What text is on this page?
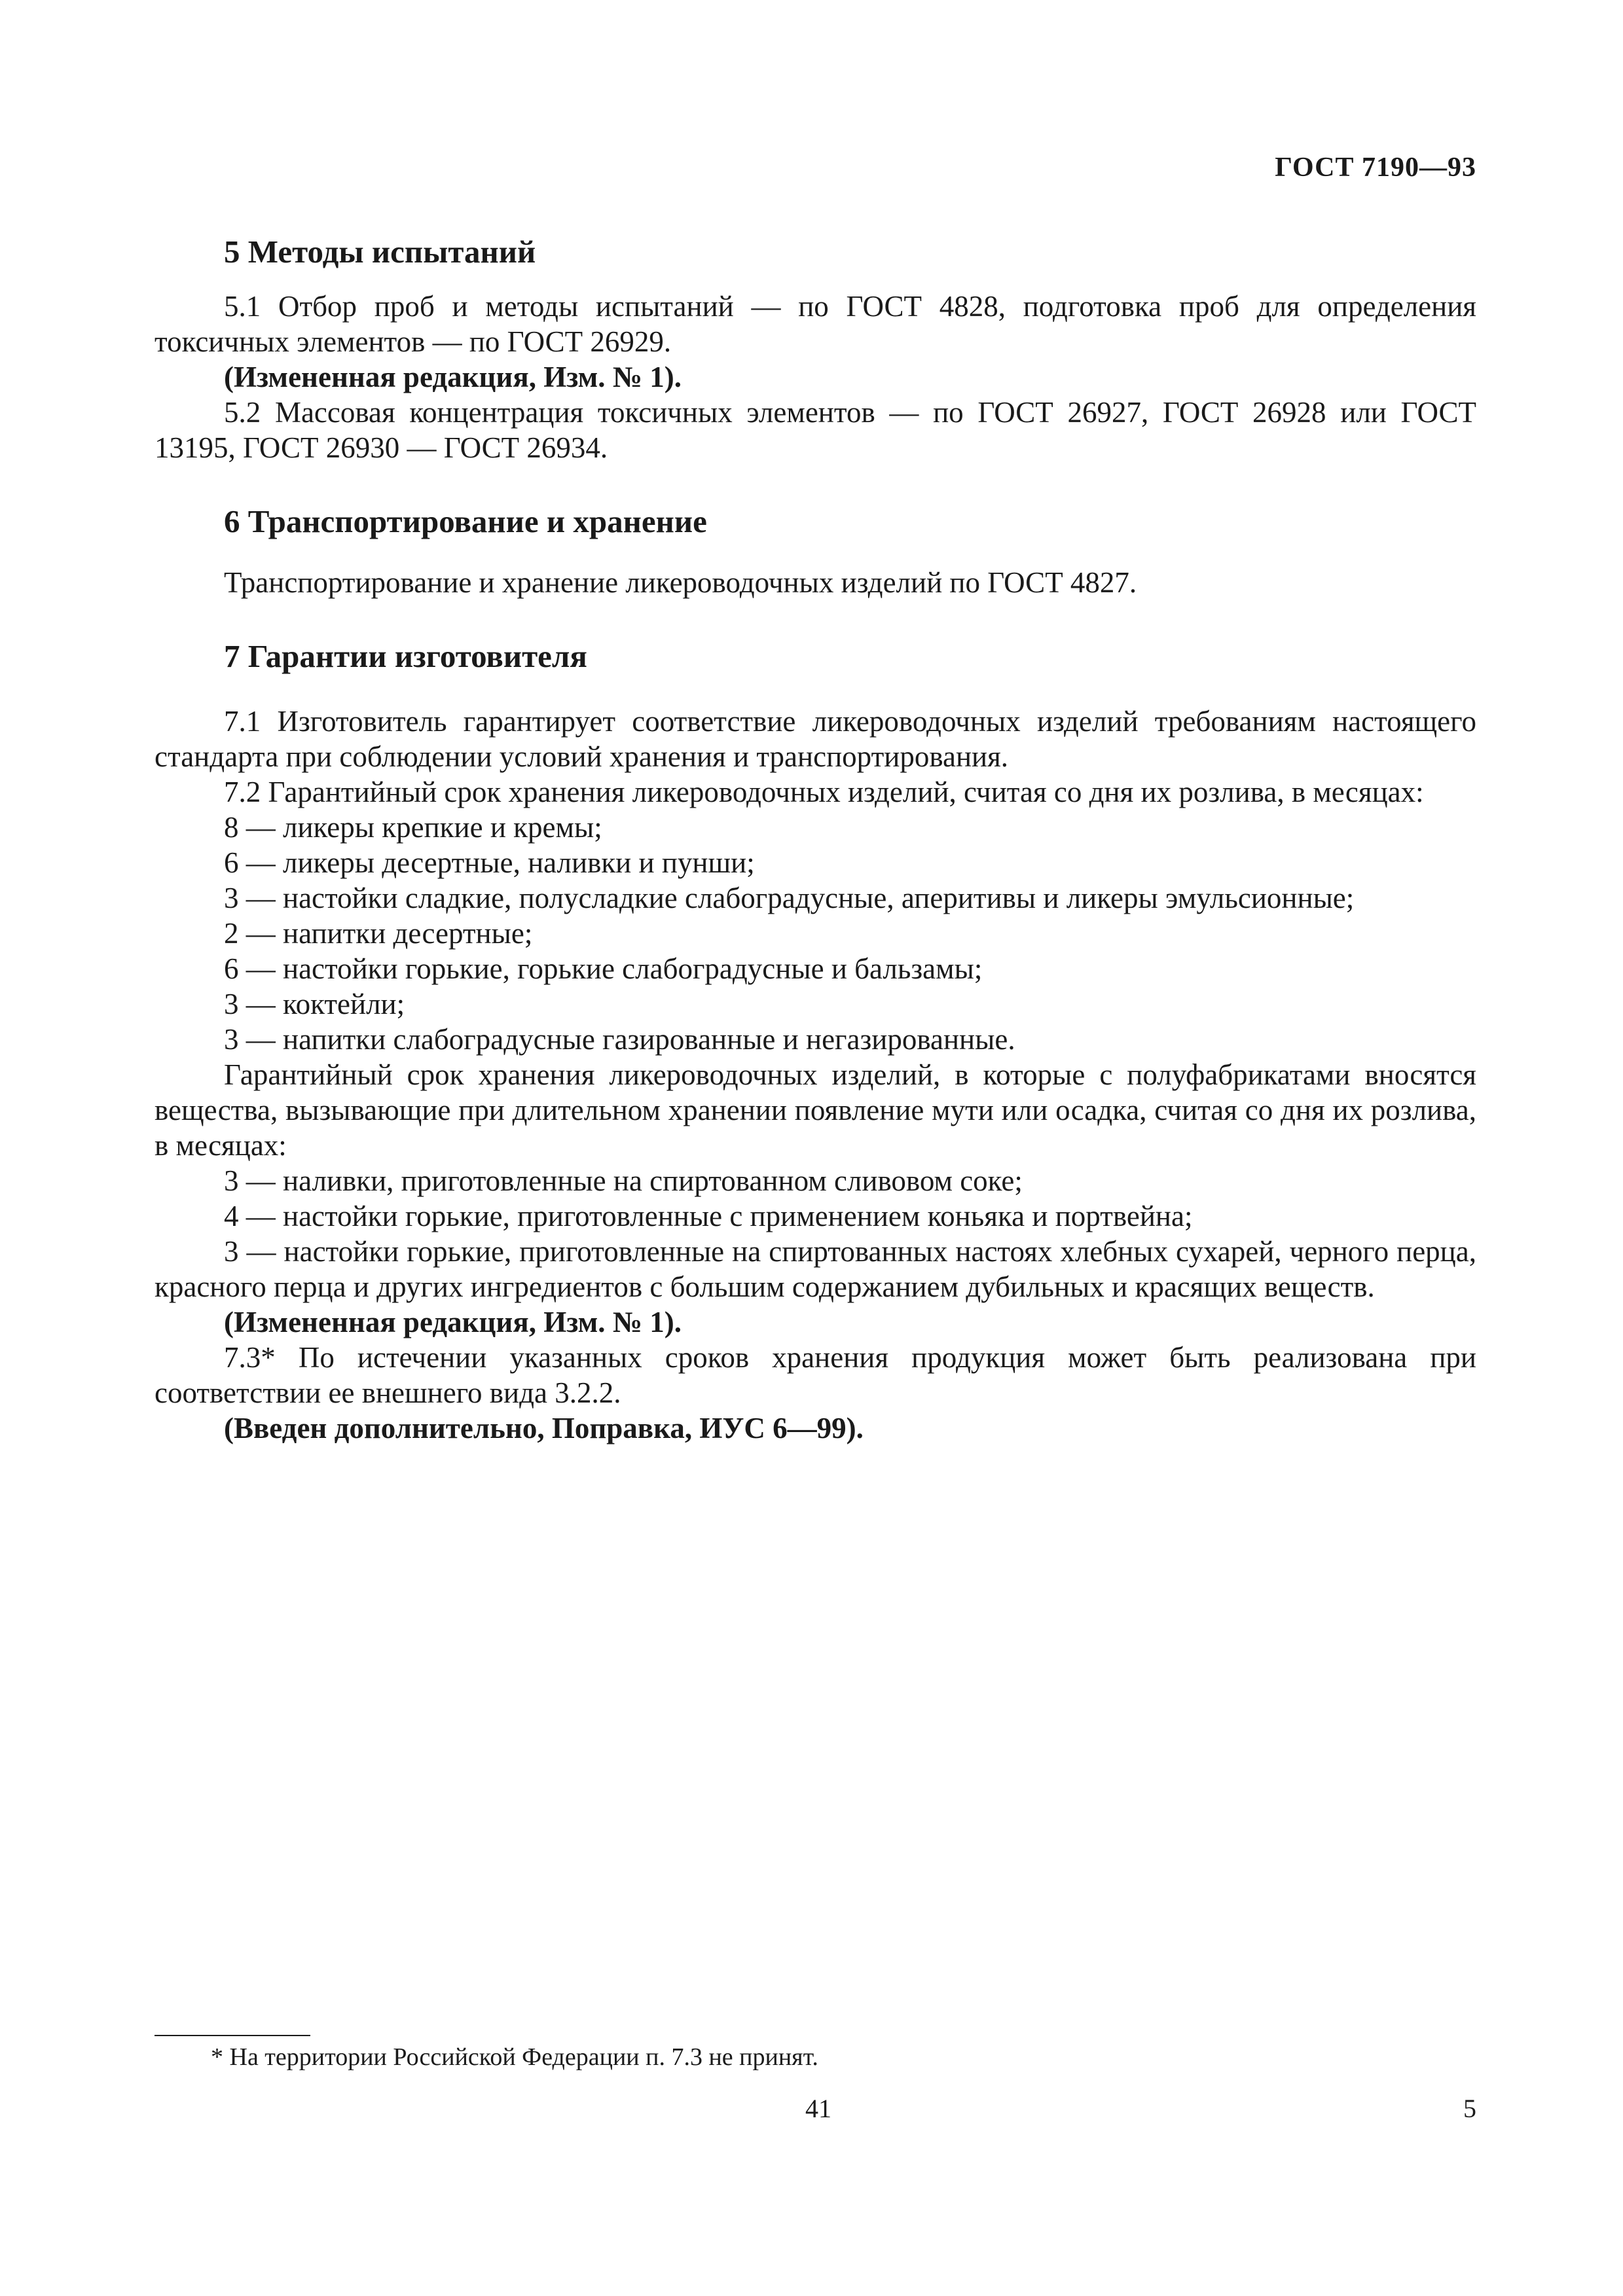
ГОСТ 7190—93
5 Методы испытаний

5.1 Отбор проб и методы испытаний — по ГОСТ 4828, подготовка проб для определения токсичных элементов — по ГОСТ 26929.

(Измененная редакция, Изм. № 1).

5.2 Массовая концентрация токсичных элементов — по ГОСТ 26927, ГОСТ 26928 или ГОСТ 13195, ГОСТ 26930 — ГОСТ 26934.

6 Транспортирование и хранение

Транспортирование и хранение ликероводочных изделий по ГОСТ 4827.

7 Гарантии изготовителя

7.1 Изготовитель гарантирует соответствие ликероводочных изделий требованиям настоящего стандарта при соблюдении условий хранения и транспортирования.

7.2 Гарантийный срок хранения ликероводочных изделий, считая со дня их розлива, в месяцах:

8 — ликеры крепкие и кремы;

6 — ликеры десертные, наливки и пунши;

3 — настойки сладкие, полусладкие слабоградусные, аперитивы и ликеры эмульсионные;

2 — напитки десертные;

6 — настойки горькие, горькие слабоградусные и бальзамы;

3 — коктейли;

3 — напитки слабоградусные газированные и негазированные.

Гарантийный срок хранения ликероводочных изделий, в которые с полуфабрикатами вносятся вещества, вызывающие при длительном хранении появление мути или осадка, считая со дня их розлива, в месяцах:

3 — наливки, приготовленные на спиртованном сливовом соке;

4 — настойки горькие, приготовленные с применением коньяка и портвейна;

3 — настойки горькие, приготовленные на спиртованных настоях хлебных сухарей, черного перца, красного перца и других ингредиентов с большим содержанием дубильных и красящих веществ.

(Измененная редакция, Изм. № 1).

7.3* По истечении указанных сроков хранения продукция может быть реализована при соответствии ее внешнего вида 3.2.2.

(Введен дополнительно, Поправка, ИУС 6—99).

* На территории Российской Федерации п. 7.3 не принят.
41	5
